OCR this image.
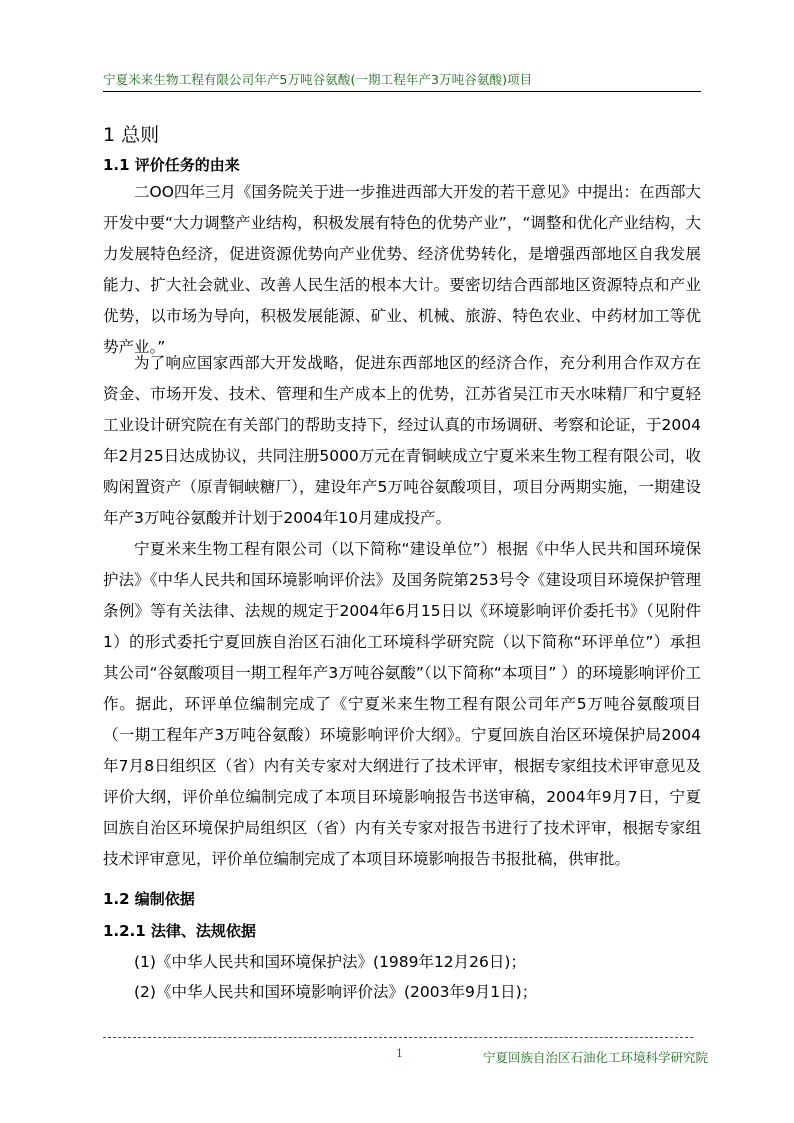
宁夏米来生物工程有限公司年产5万吨谷氨酸(一期工程年产3万吨谷氨酸)项目
1 总则
1.1 评价任务的由来
二OO四年三月《国务院关于进一步推进西部大开发的若干意见》中提出：在西部大开发中要“大力调整产业结构，积极发展有特色的优势产业”，“调整和优化产业结构，大力发展特色经济，促进资源优势向产业优势、经济优势转化，是增强西部地区自我发展能力、扩大社会就业、改善人民生活的根本大计。要密切结合西部地区资源特点和产业优势，以市场为导向，积极发展能源、矿业、机械、旅游、特色农业、中药材加工等优势产业。”
为了响应国家西部大开发战略，促进东西部地区的经济合作，充分利用合作双方在资金、市场开发、技术、管理和生产成本上的优势，江苏省吴江市天水味精厂和宁夏轻工业设计研究院在有关部门的帮助支持下，经过认真的市场调研、考察和论证，于2004年2月25日达成协议，共同注册5000万元在青铜峡成立宁夏米来生物工程有限公司，收购闲置资产（原青铜峡糖厂），建设年产5万吨谷氨酸项目，项目分两期实施，一期建设年产3万吨谷氨酸并计划于2004年10月建成投产。
宁夏米来生物工程有限公司（以下简称“建设单位”）根据《中华人民共和国环境保护法》《中华人民共和国环境影响评价法》及国务院第253号令《建设项目环境保护管理条例》等有关法律、法规的规定于2004年6月15日以《环境影响评价委托书》（见附件1）的形式委托宁夏回族自治区石油化工环境科学研究院（以下简称“环评单位”）承担其公司“谷氨酸项目一期工程年产3万吨谷氨酸”（以下简称“本项目” ）的环境影响评价工作。据此，环评单位编制完成了《宁夏米来生物工程有限公司年产5万吨谷氨酸项目（一期工程年产3万吨谷氨酸）环境影响评价大纲》。宁夏回族自治区环境保护局2004年7月8日组织区（省）内有关专家对大纲进行了技术评审，根据专家组技术评审意见及评价大纲，评价单位编制完成了本项目环境影响报告书送审稿，2004年9月7日，宁夏回族自治区环境保护局组织区（省）内有关专家对报告书进行了技术评审，根据专家组技术评审意见，评价单位编制完成了本项目环境影响报告书报批稿，供审批。
1.2 编制依据
1.2.1 法律、法规依据
(1)《中华人民共和国环境保护法》(1989年12月26日)；
(2)《中华人民共和国环境影响评价法》(2003年9月1日)；
1	宁夏回族自治区石油化工环境科学研究院
